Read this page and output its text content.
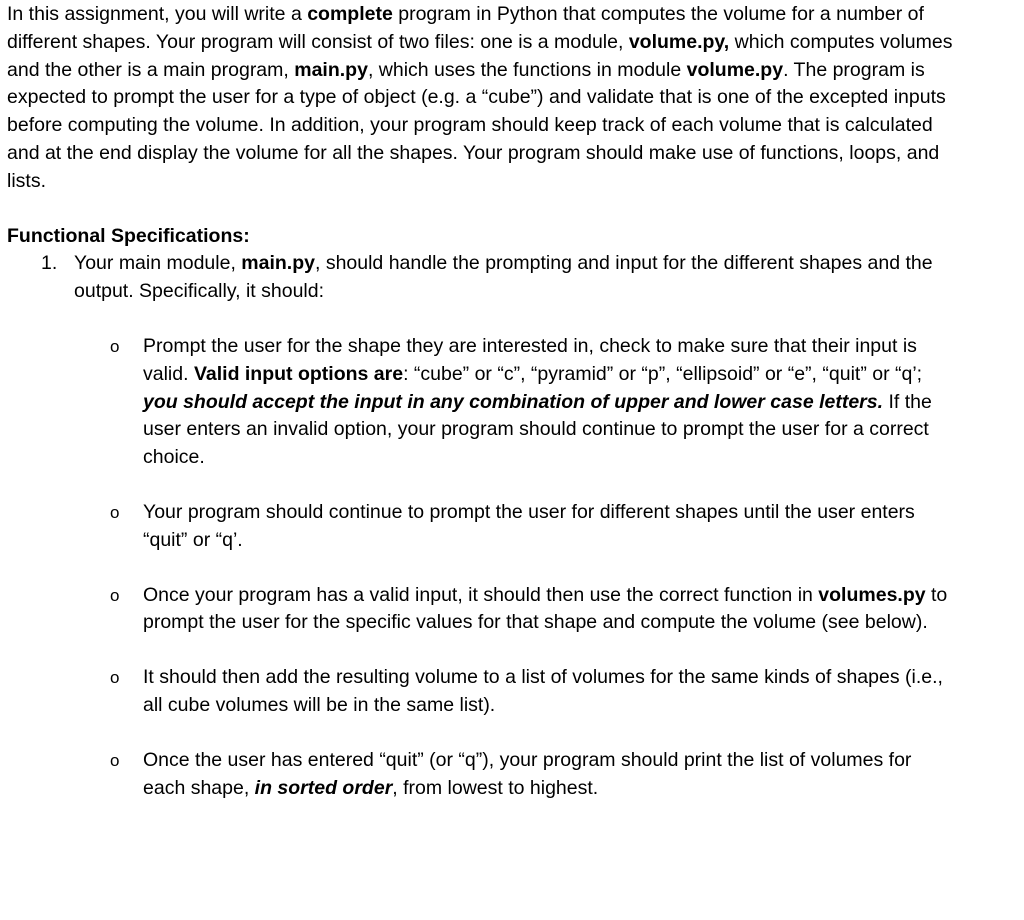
In this assignment, you will write a complete program in Python that computes the volume for a number of different shapes. Your program will consist of two files: one is a module, volume.py, which computes volumes and the other is a main program, main.py, which uses the functions in module volume.py. The program is expected to prompt the user for a type of object (e.g. a “cube”) and validate that is one of the excepted inputs before computing the volume. In addition, your program should keep track of each volume that is calculated and at the end display the volume for all the shapes. Your program should make use of functions, loops, and lists.

Functional Specifications:

1. Your main module, main.py, should handle the prompting and input for the different shapes and the output. Specifically, it should:
o Prompt the user for the shape they are interested in, check to make sure that their input is valid. Valid input options are: “cube” or “c”, “pyramid” or “p”, “ellipsoid” or “e”, “quit” or “q’; you should accept the input in any combination of upper and lower case letters. If the user enters an invalid option, your program should continue to prompt the user for a correct choice.
o Your program should continue to prompt the user for different shapes until the user enters “quit” or “q’.
o Once your program has a valid input, it should then use the correct function in volumes.py to prompt the user for the specific values for that shape and compute the volume (see below).
o It should then add the resulting volume to a list of volumes for the same kinds of shapes (i.e., all cube volumes will be in the same list).
o Once the user has entered “quit” (or “q”), your program should print the list of volumes for each shape, in sorted order, from lowest to highest.
